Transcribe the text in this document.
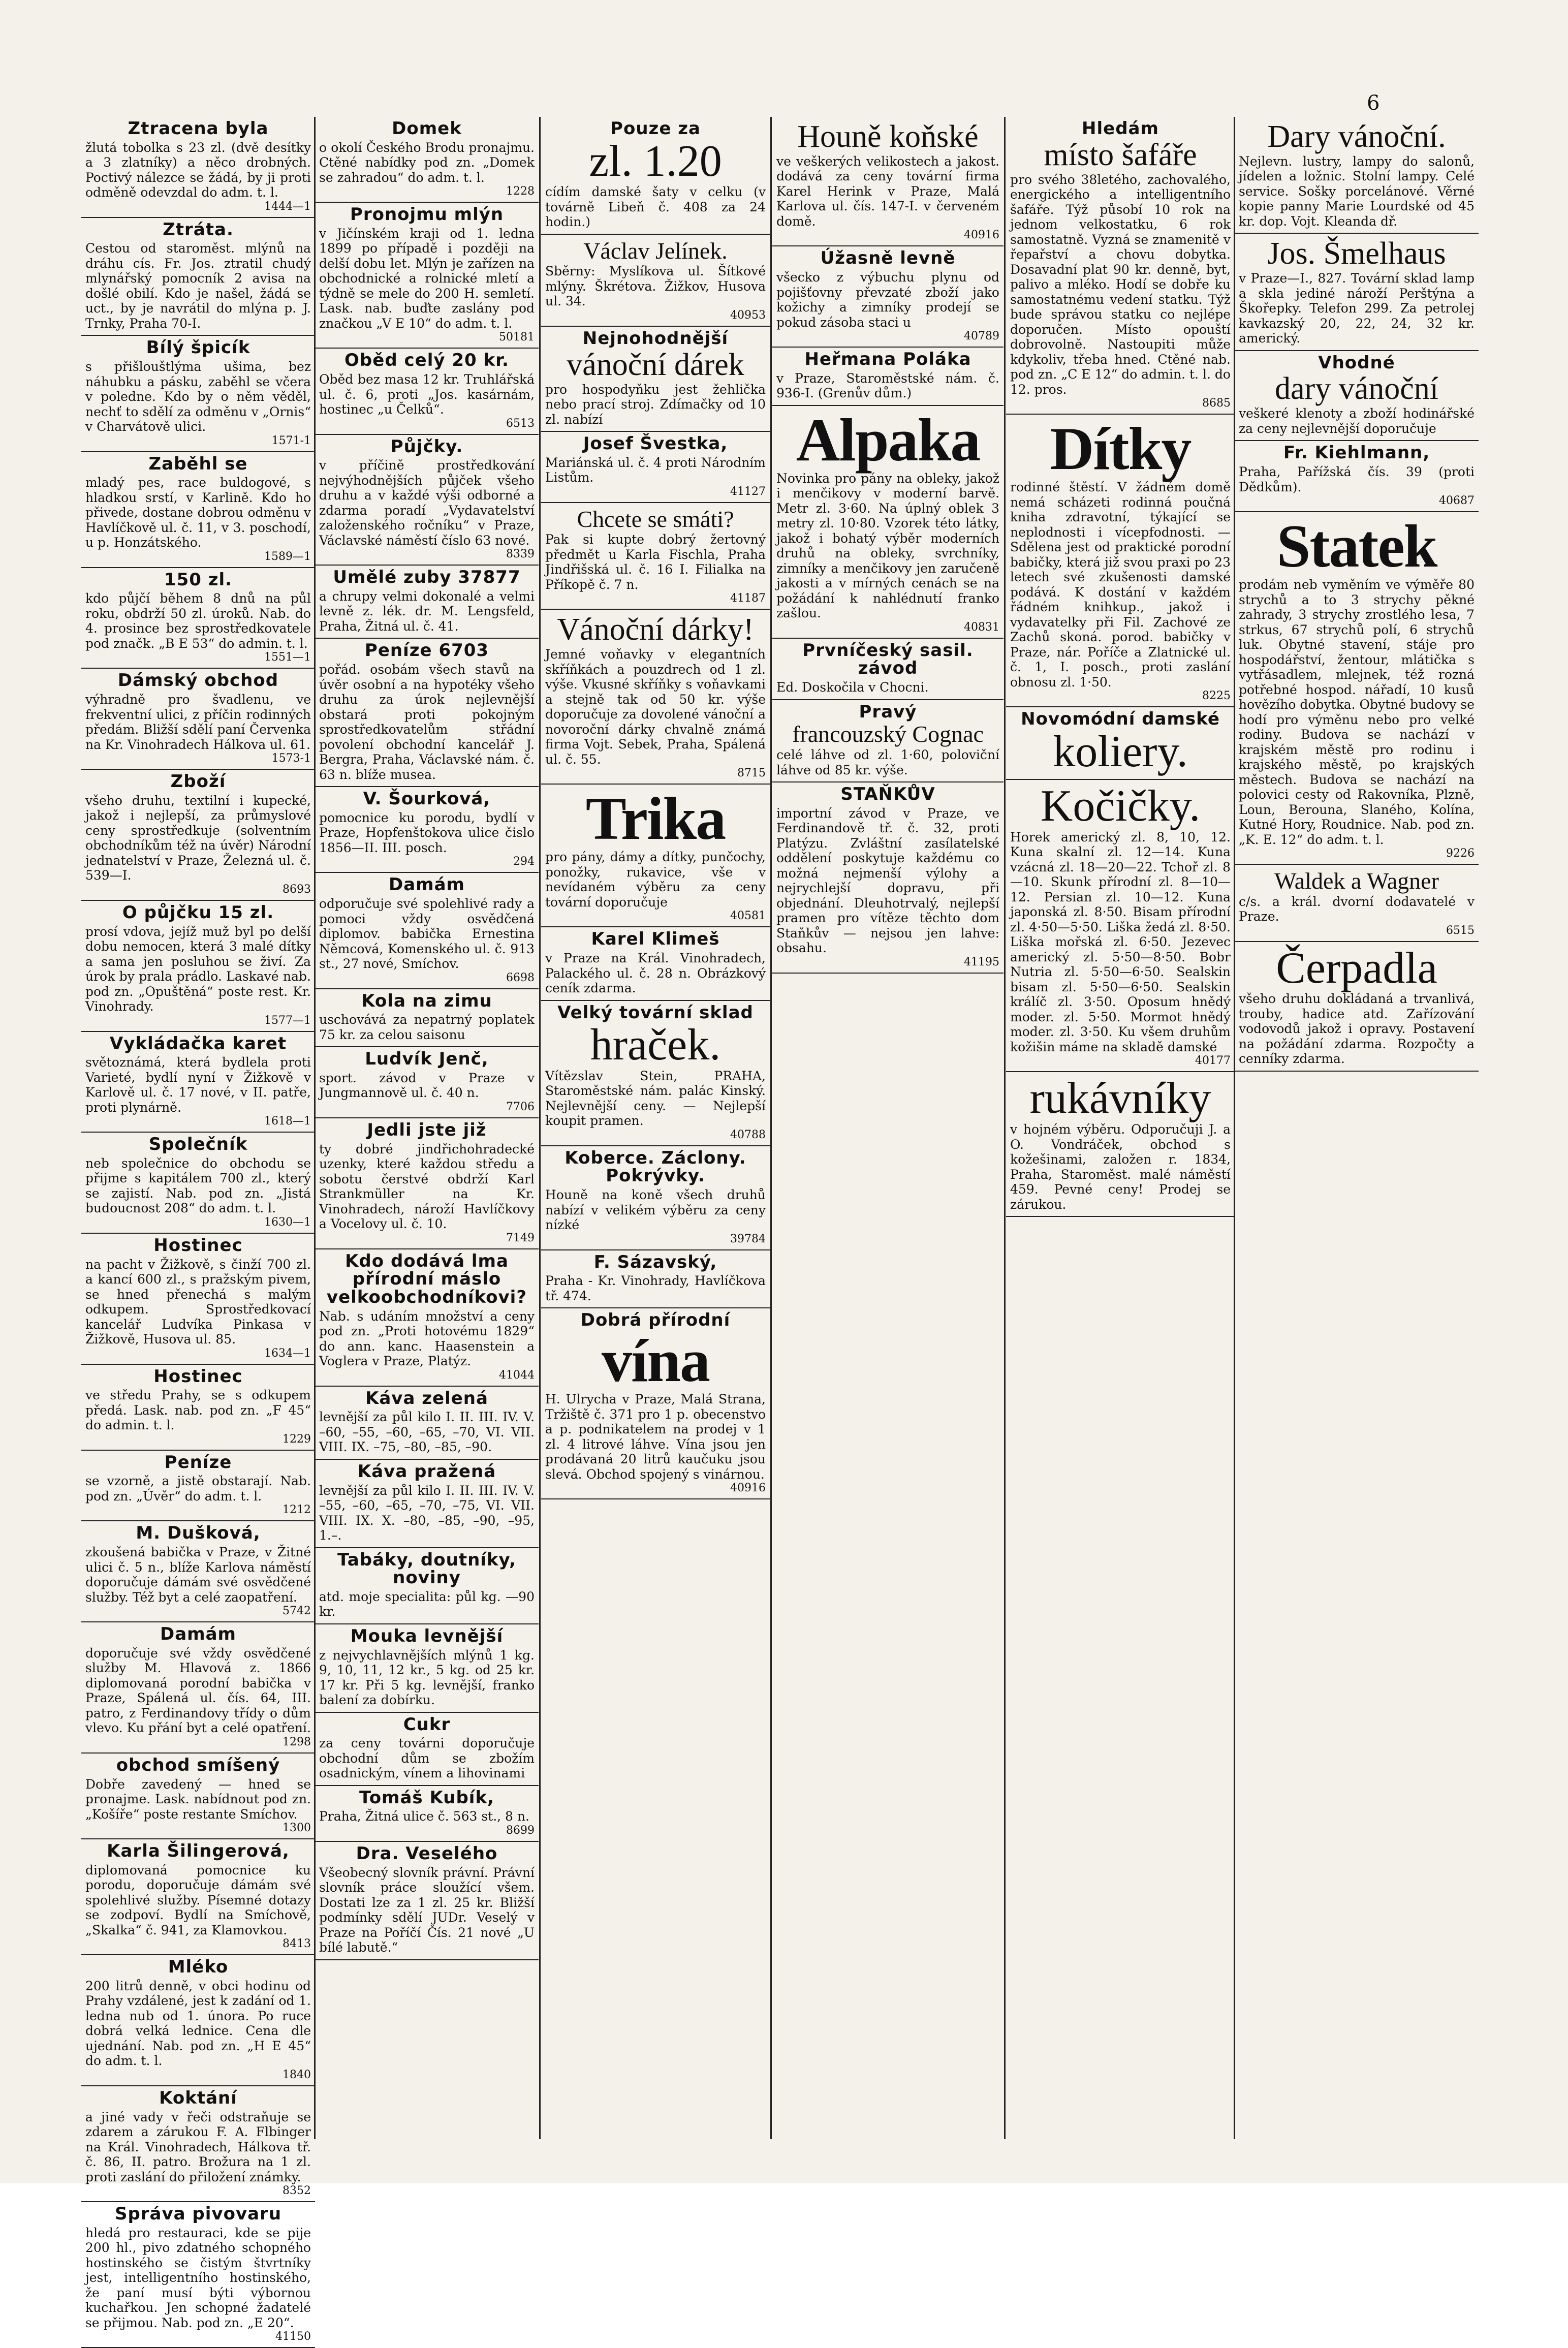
6
Ztracena byla

žlutá tobolka s 23 zl. (dvě desítky a 3 zlatníky) a něco drobných. Poctivý nálezce se žádá, by ji proti odměně odevzdal do adm. t. l.

1444—1
Ztráta.

Cestou od staroměst. mlýnů na dráhu cís. Fr. Jos. ztratil chudý mlynářský pomocník 2 avisa na došlé obilí. Kdo je našel, žádá se uct., by je navrátil do mlýna p. J. Trnky, Praha 70-I.

Bílý špicík

s přišlouštlýma ušima, bez náhubku a pásku, zaběhl se včera v poledne. Kdo by o něm věděl, nechť to sdělí za odměnu v „Ornis“ v Charvátově ulici.

1571-1
Zaběhl se

mladý pes, race buldogové, s hladkou srstí, v Karlině. Kdo ho přivede, dostane dobrou odměnu v Havlíčkově ul. č. 11, v 3. poschodí, u p. Honzátského.

1589—1
150 zl.

kdo půjčí během 8 dnů na půl roku, obdrží 50 zl. úroků. Nab. do 4. prosince bez sprostředkovatele pod značk. „B E 53“ do admin. t. l.

1551—1
Dámský obchod

výhradně pro švadlenu, ve frekventní ulici, z příčin rodinných předám. Bližší sdělí paní Červenka na Kr. Vinohradech Hálkova ul. 61.

1573-1
Zboží

všeho druhu, textilní i kupecké, jakož i nejlepší, za průmyslové ceny sprostředkuje (solventním obchodníkům též na úvěr) Národní jednatelství v Praze, Železná ul. č. 539—I.

8693
O půjčku 15 zl.

prosí vdova, jejíž muž byl po delší dobu nemocen, která 3 malé dítky a sama jen posluhou se živí. Za úrok by prala prádlo. Laskavé nab. pod zn. „Opuštěná“ poste rest. Kr. Vinohrady.

1577—1
Vykládačka karet

světoznámá, která bydlela proti Varieté, bydlí nyní v Žižkově v Karlově ul. č. 17 nové, v II. patře, proti plynárně.

1618—1
Společník

neb společnice do obchodu se přijme s kapitálem 700 zl., který se zajistí. Nab. pod zn. „Jistá budoucnost 208“ do adm. t. l.

1630—1
Hostinec

na pacht v Žižkově, s činží 700 zl. a kancí 600 zl., s pražským pivem, se hned přenechá s malým odkupem. Sprostředkovací kancelář Ludvíka Pinkasa v Žižkově, Husova ul. 85.

1634—1
Hostinec

ve středu Prahy, se s odkupem předá. Lask. nab. pod zn. „F 45“ do admin. t. l.

1229
Peníze

se vzorně, a jistě obstarají. Nab. pod zn. „Úvěr“ do adm. t. l.

1212
M. Dušková,

zkoušená babička v Praze, v Žitné ulici č. 5 n., blíže Karlova náměstí doporučuje dámám své osvědčené služby. Též byt a celé zaopatření.

5742
Damám

doporučuje své vždy osvědčené služby M. Hlavová z. 1866 diplomovaná porodní babička v Praze, Spálená ul. čís. 64, III. patro, z Ferdinandovy třídy o dům vlevo. Ku přání byt a celé opatření.

1298
obchod smíšený

Dobře zavedený — hned se pronajme. Lask. nabídnout pod zn. „Košíře“ poste restante Smíchov.

1300
Karla Šilingerová,

diplomovaná pomocnice ku porodu, doporučuje dámám své spolehlivé služby. Písemné dotazy se zodpoví. Bydlí na Smíchově, „Skalka“ č. 941, za Klamovkou.

8413
Mléko

200 litrů denně, v obci hodinu od Prahy vzdálené, jest k zadání od 1. ledna nub od 1. února. Po ruce dobrá velká lednice. Cena dle ujednání. Nab. pod zn. „H E 45“ do adm. t. l.

1840
Koktání

a jiné vady v řeči odstraňuje se zdarem a zárukou F. A. Flbinger na Král. Vinohradech, Hálkova tř. č. 86, II. patro. Brožura na 1 zl. proti zaslání do přiložení známky.

8352
Správa pivovaru

hledá pro restauraci, kde se pije 200 hl., pivo zdatného schopného hostinského se čistým štvrtníky jest, intelligentního hostinského, že paní musí býti výbornou kuchařkou. Jen schopné žadatelé se přijmou. Nab. pod zn. „E 20“.

41150
Domek

o okolí Českého Brodu pronajmu. Ctěné nabídky pod zn. „Domek se zahradou“ do adm. t. l.

1228
Pronojmu mlýn

v Jičínském kraji od 1. ledna 1899 po případě i později na delší dobu let. Mlýn je zařízen na obchodnické a rolnické mletí a týdně se mele do 200 H. semletí. Lask. nab. buďte zaslány pod značkou „V E 10“ do adm. t. l.

50181
Oběd celý 20 kr.

Oběd bez masa 12 kr. Truhlářská ul. č. 6, proti „Jos. kasárnám, hostinec „u Čelků“.

6513
Půjčky.

v příčině prostředkování nejvýhodnějších půjček všeho druhu a v každé výši odborné a zdarma poradí „Vydavatelství založenského ročníku“ v Praze, Václavské náměstí číslo 63 nové.

8339
Umělé zuby 37877

a chrupy velmi dokonalé a velmi levně z. lék. dr. M. Lengsfeld, Praha, Žitná ul. č. 41.

Peníze 6703

pořád. osobám všech stavů na úvěr osobní a na hypotéky všeho druhu za úrok nejlevnější obstará proti pokojným sprostředkovatelům střádní povolení obchodní kancelář J. Bergra, Praha, Václavské nám. č. 63 n. blíže musea.

V. Šourková,

pomocnice ku porodu, bydlí v Praze, Hopfenštokova ulice čislo 1856—II. III. posch.

294
Damám

odporučuje své spolehlivé rady a pomoci vždy osvědčená diplomov. babička Ernestina Němcová, Komenského ul. č. 913 st., 27 nové, Smíchov.

6698
Kola na zimu

uschovává za nepatrný poplatek 75 kr. za celou saisonu

Ludvík Jenč,

sport. závod v Praze v Jungmannově ul. č. 40 n.

7706
Jedli jste již

ty dobré jindřichohradecké uzenky, které každou středu a sobotu čerstvé obdrží Karl Strankmüller na Kr. Vinohradech, nároží Havlíčkovy a Vocelovy ul. č. 10.

7149
Kdo dodává lma přírodní máslo velkoobchodníkovi?

Nab. s udáním množství a ceny pod zn. „Proti hotovému 1829“ do ann. kanc. Haasenstein a Voglera v Praze, Platýz.

41044
Káva zelená

levnější za půl kilo I. II. III. IV. V. –60, –55, –60, –65, –70, VI. VII. VIII. IX. –75, –80, –85, –90.

Káva pražená

levnější za půl kilo I. II. III. IV. V. –55, –60, –65, –70, –75, VI. VII. VIII. IX. X. –80, –85, –90, –95, 1.–.

Tabáky, doutníky, noviny

atd. moje specialita: půl kg. —90 kr.

Mouka levnější

z nejvychlavnějších mlýnů 1 kg. 9, 10, 11, 12 kr., 5 kg. od 25 kr. 17 kr. Při 5 kg. levnější, franko balení za dobírku.

Cukr

za ceny továrni doporučuje obchodní dům se zbožím osadnickým, vínem a lihovinami

Tomáš Kubík,

Praha, Žitná ulice č. 563 st., 8 n.

8699
Dra. Veselého

Všeobecný slovník právní. Právní slovník práce sloužící všem. Dostati lze za 1 zl. 25 kr. Bližší podmínky sdělí JUDr. Veselý v Praze na Poříčí Čís. 21 nové „U bílé labutě.“

Pouze za
zl. 1.20

cídím damské šaty v celku (v továrně Libeň č. 408 za 24 hodin.)

Václav Jelínek.

Sběrny: Myslíkova ul. Šítkové mlýny. Škrétova. Žižkov, Husova ul. 34.

40953
Nejnohodnější
vánoční dárek

pro hospodyňku jest žehlička nebo prací stroj. Zdímačky od 10 zl. nabízí

Josef Švestka,

Mariánská ul. č. 4 proti Národním Listům.

41127
Chcete se smáti?

Pak si kupte dobrý žertovný předmět u Karla Fischla, Praha Jindřišská ul. č. 16 I. Filialka na Příkopě č. 7 n.

41187
Vánoční dárky!

Jemné voňavky v elegantních skříňkách a pouzdrech od 1 zl. výše. Vkusné skříňky s voňavkami a stejně tak od 50 kr. výše doporučuje za dovolené vánoční a novoroční dárky chvalně známá firma Vojt. Sebek, Praha, Spálená ul. č. 55.

8715
Trika

pro pány, dámy a dítky, punčochy, ponožky, rukavice, vše v nevídaném výběru za ceny tovární doporučuje

40581
Karel Klimeš

v Praze na Král. Vinohradech, Palackého ul. č. 28 n. Obrázkový ceník zdarma.

Velký tovární sklad
hraček.

Vítězslav Stein, PRAHA, Staroměstské nám. palác Kinský. Nejlevnější ceny. — Nejlepší koupit pramen.

40788
Koberce. Záclony. Pokrývky.

Houně na koně všech druhů nabízí v velikém výběru za ceny nízké

39784
F. Sázavský,

Praha - Kr. Vinohrady, Havlíčkova tř. 474.

Dobrá přírodní
vína

H. Ulrycha v Praze, Malá Strana, Tržiště č. 371 pro 1 p. obecenstvo a p. podnikatelem na prodej v 1 zl. 4 litrové láhve. Vína jsou jen prodávaná 20 litrů kaučuku jsou slevá. Obchod spojený s vinárnou.

40916
Houně koňské

ve veškerých velikostech a jakost. dodává za ceny tovární firma Karel Herink v Praze, Malá Karlova ul. čís. 147-I. v červeném domě.

40916
Úžasně levně

všecko z výbuchu plynu od pojišťovny převzaté zboží jako kožichy a zimníky prodejí se pokud zásoba staci u

40789
Heřmana Poláka

v Praze, Staroměstské nám. č. 936-I. (Grenův dům.)

Alpaka

Novinka pro pány na obleky, jakož i menčikovy v moderní barvě. Metr zl. 3·60. Na úplný oblek 3 metry zl. 10·80. Vzorek této látky, jakož i bohatý výběr moderních druhů na obleky, svrchníky, zimníky a menčikovy jen zaručeně jakosti a v mírných cenách se na požádání k nahlédnutí franko zašlou.

40831
Prvníčeský sasil. závod

Ed. Doskočila v Chocni.

Pravý
francouzský Cognac

celé láhve od zl. 1·60, poloviční láhve od 85 kr. výše.

STAŇKŮV

importní závod v Praze, ve Ferdinandově tř. č. 32, proti Platýzu. Zvláštní zasílatelské oddělení poskytuje každému co možná nejmenší výlohy a nejrychlejší dopravu, při objednání. Dleuhotrvalý, nejlepší pramen pro vítěze těchto dom Staňkův — nejsou jen lahve: obsahu.

41195
Hledám
místo šafáře

pro svého 38letého, zachovalého, energického a intelligentního šafáře. Týž působí 10 rok na jednom velkostatku, 6 rok samostatně. Vyzná se znamenitě v řepařství a chovu dobytka. Dosavadní plat 90 kr. denně, byt, palivo a mléko. Hodí se dobře ku samostatnému vedení statku. Týž bude správou statku co nejlépe doporučen. Místo opouští dobrovolně. Nastoupiti může kdykoliv, třeba hned. Ctěné nab. pod zn. „C E 12“ do admin. t. l. do 12. pros.

8685
Dítky

rodinné štěstí. V žádném domě nemá scházeti rodinná poučná kniha zdravotní, týkající se neplodnosti i vícepfodnosti. — Sdělena jest od praktické porodní babičky, která již svou praxi po 23 letech své zkušenosti damské podává. K dostání v každém řádném knihkup., jakož i vydavatelky při Fil. Zachové ze Zachů skoná. porod. babičky v Praze, nár. Poříče a Zlatnické ul. č. 1, I. posch., proti zaslání obnosu zl. 1·50.

8225
Novomódní damské
koliery.
Kočičky.

Horek americký zl. 8, 10, 12. Kuna skalní zl. 12—14. Kuna vzácná zl. 18—20—22. Tchoř zl. 8—10. Skunk přírodní zl. 8—10—12. Persian zl. 10—12. Kuna japonská zl. 8·50. Bisam přírodní zl. 4·50—5·50. Liška žedá zl. 8·50. Liška mořská zl. 6·50. Jezevec americký zl. 5·50—8·50. Bobr Nutria zl. 5·50—6·50. Sealskin bisam zl. 5·50—6·50. Sealskin králíč zl. 3·50. Oposum hnědý moder. zl. 5·50. Mormot hnědý moder. zl. 3·50. Ku všem druhům kožišin máme na skladě damské

40177
rukávníky

v hojném výběru. Odporučuji J. a O. Vondráček, obchod s kožešinami, založen r. 1834, Praha, Staroměst. malé náměstí 459. Pevné ceny! Prodej se zárukou.

Dary vánoční.

Nejlevn. lustry, lampy do salonů, jídelen a ložnic. Stolní lampy. Celé service. Sošky porcelánové. Věrné kopie panny Marie Lourdské od 45 kr. dop. Vojt. Kleanda dř.

Jos. Šmelhaus

v Praze—I., 827. Tovární sklad lamp a skla jediné nároží Perštýna a Škořepky. Telefon 299. Za petrolej kavkazský 20, 22, 24, 32 kr. americký.

Vhodné
dary vánoční

veškeré klenoty a zboží hodinářské za ceny nejlevnější doporučuje

Fr. Kiehlmann,

Praha, Pařížská čís. 39 (proti Dědkům).

40687
Statek

prodám neb vyměním ve výměře 80 strychů a to 3 strychy pěkné zahrady, 3 strychy zrostlého lesa, 7 strkus, 67 strychů polí, 6 strychů luk. Obytné stavení, stáje pro hospodářství, žentour, mlátička s vytřásadlem, mlejnek, též rozná potřebné hospod. nářadí, 10 kusů hovězího dobytka. Obytné budovy se hodí pro výměnu nebo pro velké rodiny. Budova se nachází v krajském městě pro rodinu i krajského městě, po krajských městech. Budova se nachází na polovici cesty od Rakovníka, Plzně, Loun, Berouna, Slaného, Kolína, Kutné Hory, Roudnice. Nab. pod zn. „K. E. 12“ do adm. t. l.

9226
Waldek a Wagner

c/s. a král. dvorní dodavatelé v Praze.

6515
Čerpadla

všeho druhu dokládaná a trvanlivá, trouby, hadice atd. Zařízování vodovodů jakož i opravy. Postavení na požádání zdarma. Rozpočty a cenníky zdarma.
